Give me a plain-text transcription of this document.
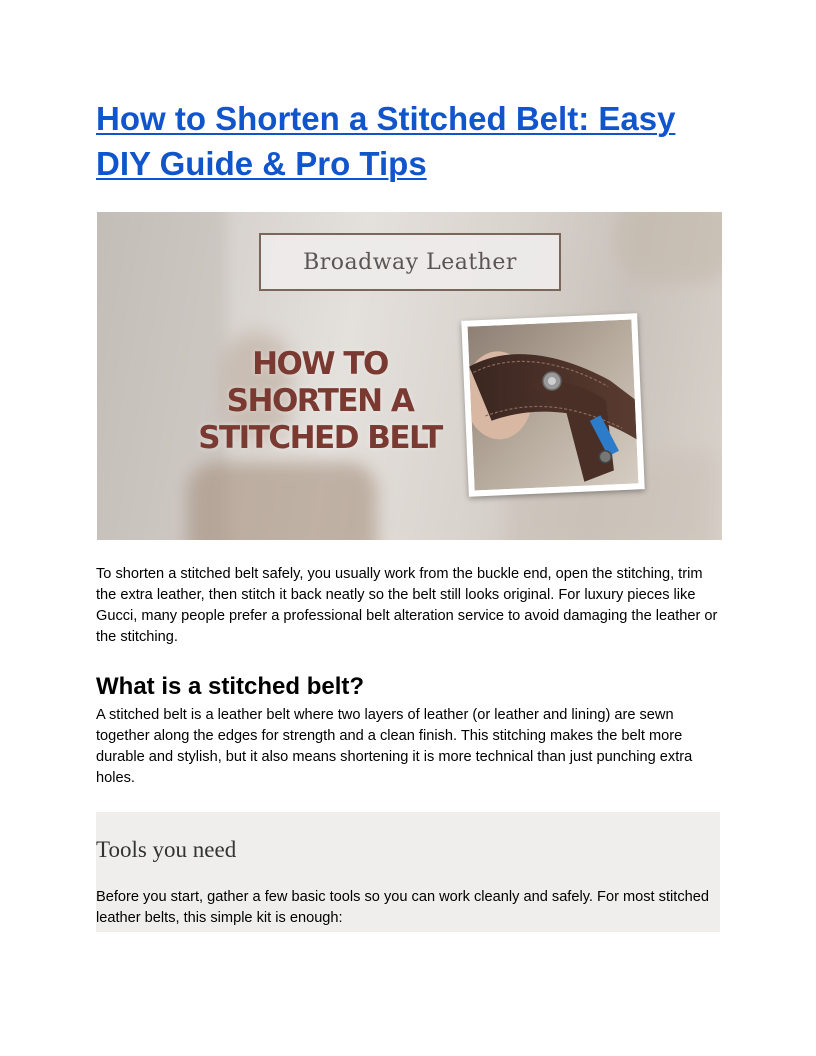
How to Shorten a Stitched Belt: Easy DIY Guide & Pro Tips
Broadway Leather
HOW TO
SHORTEN A
STITCHED BELT

To shorten a stitched belt safely, you usually work from the buckle end, open the stitching, trim the extra leather, then stitch it back neatly so the belt still looks original. For luxury pieces like Gucci, many people prefer a professional belt alteration service to avoid damaging the leather or the stitching.

What is a stitched belt?

A stitched belt is a leather belt where two layers of leather (or leather and lining) are sewn together along the edges for strength and a clean finish. This stitching makes the belt more durable and stylish, but it also means shortening it is more technical than just punching extra holes.

Tools you need

Before you start, gather a few basic tools so you can work cleanly and safely. For most stitched leather belts, this simple kit is enough:
